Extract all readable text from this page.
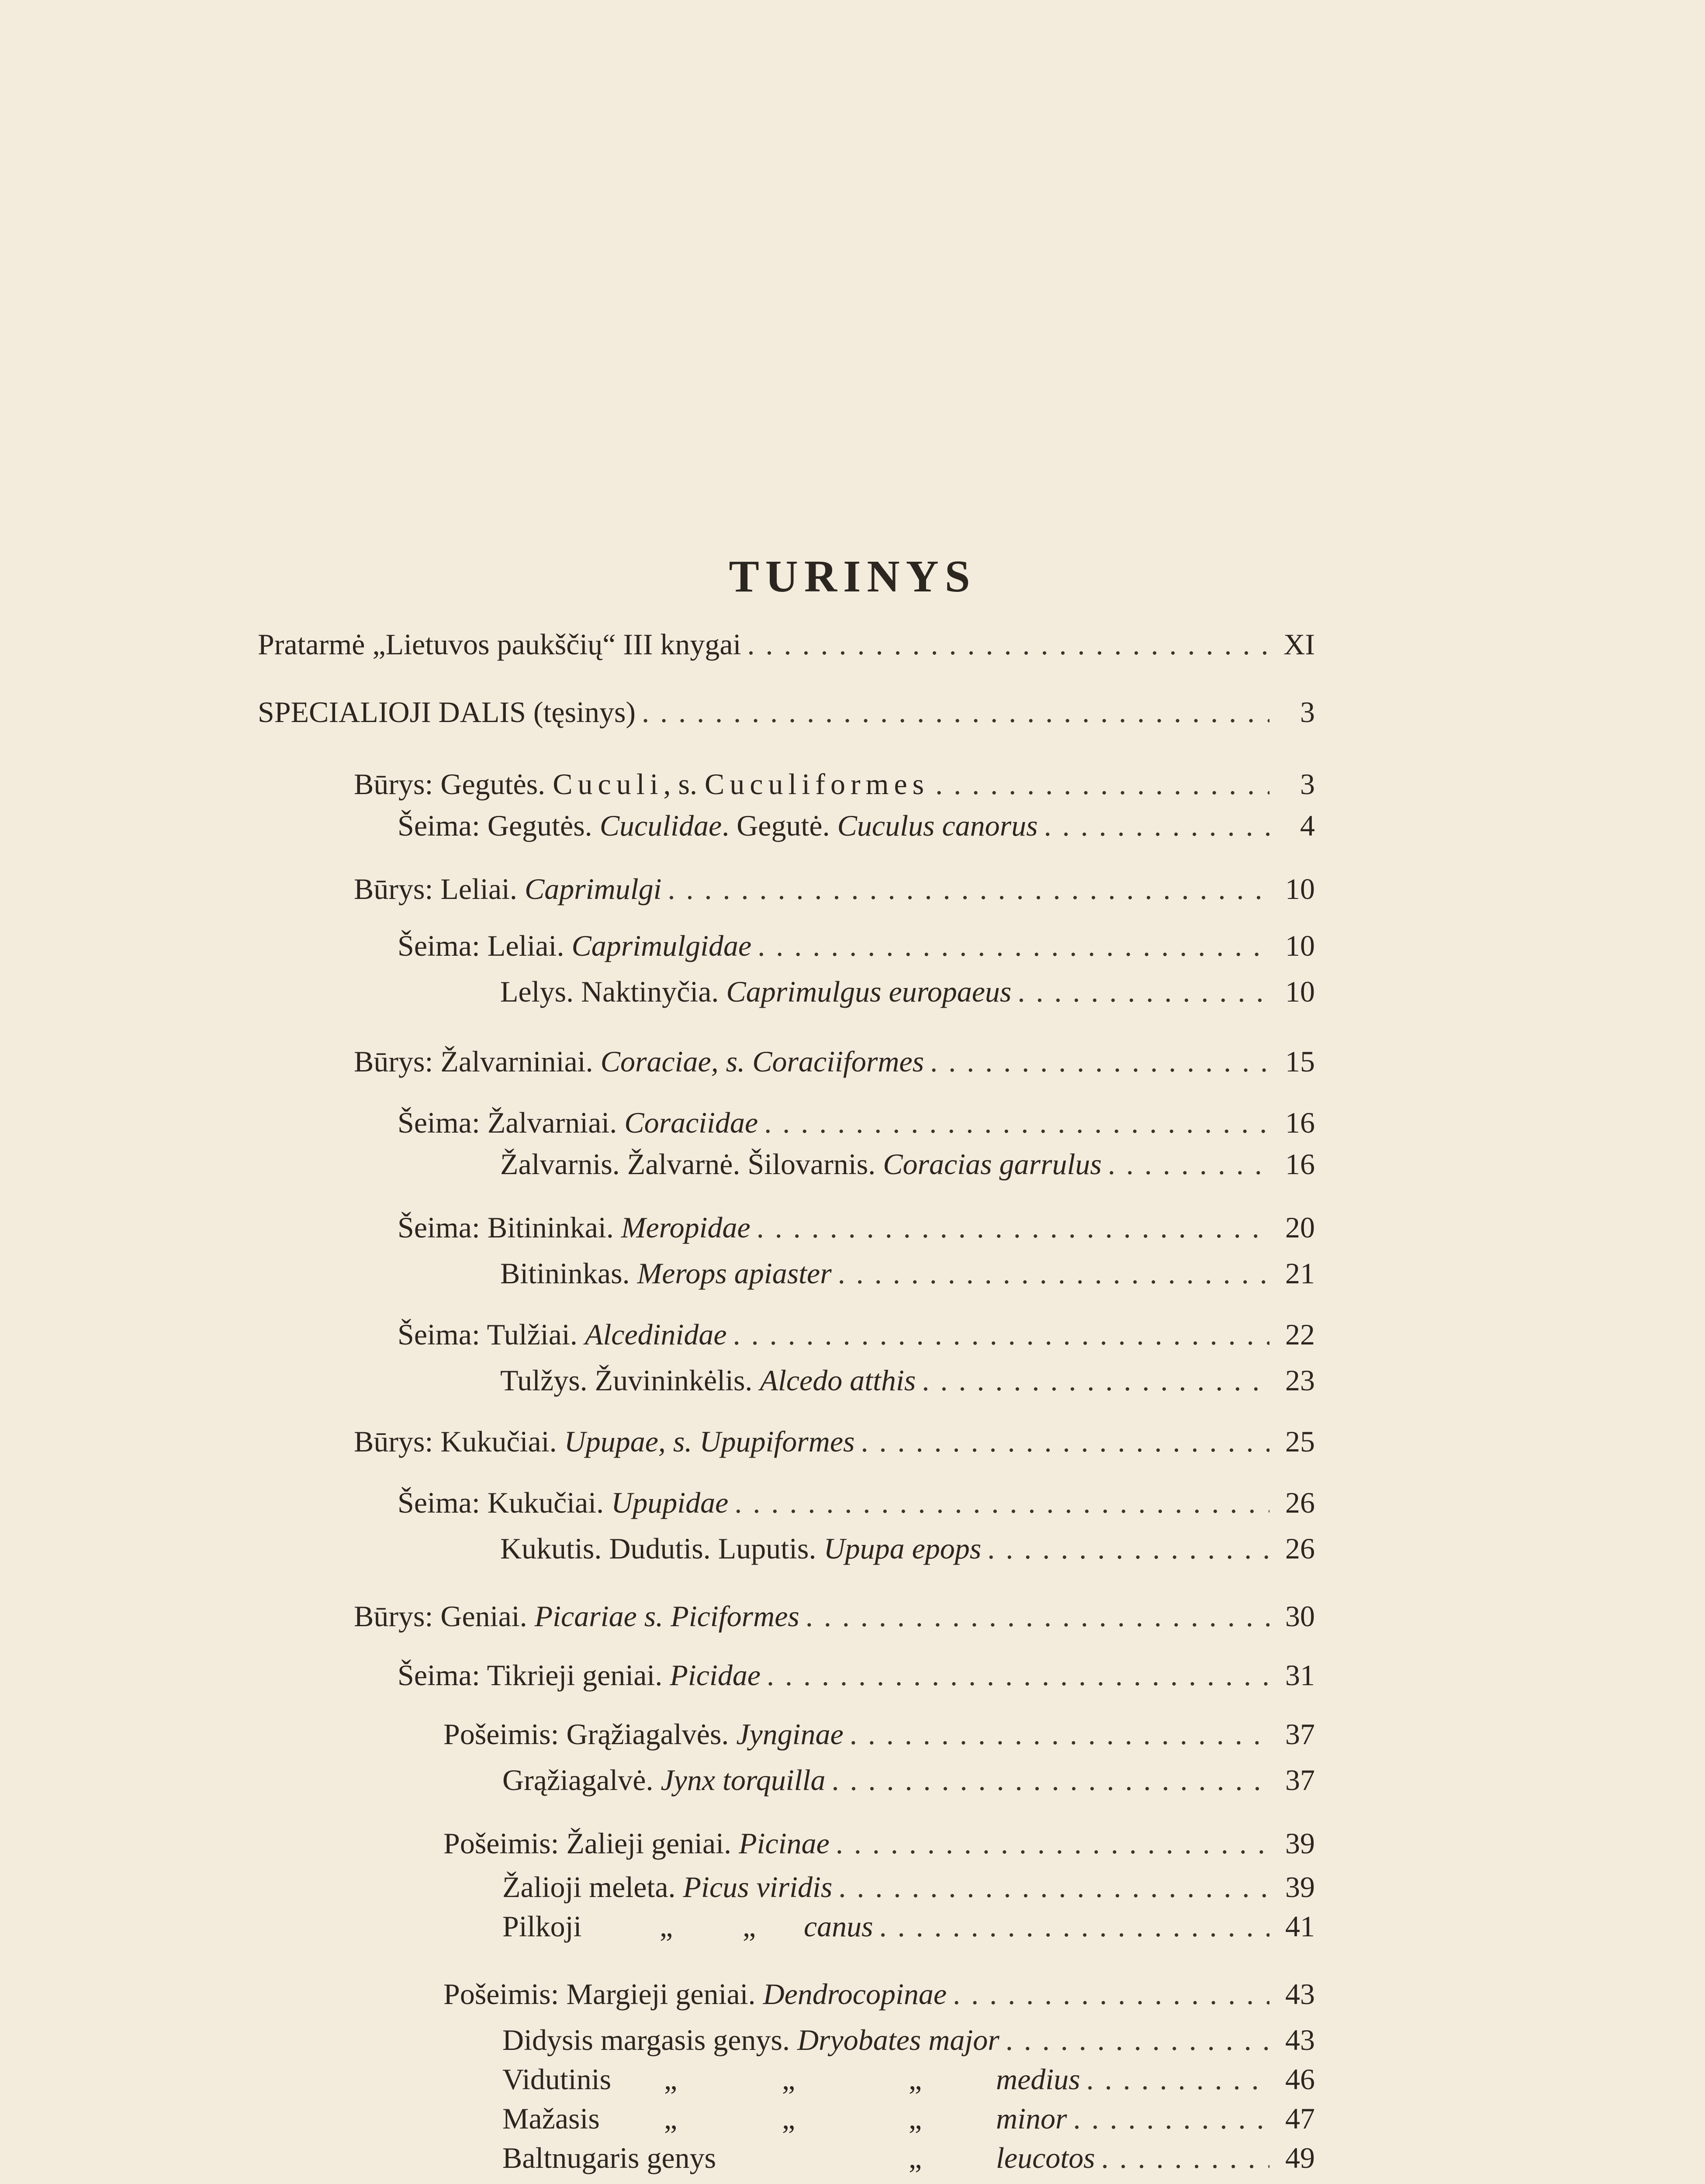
TURINYS
Pratarmė „Lietuvos paukščių“ III knygai . . .	XI
SPECIALIOJI DALIS (tęsinys) . . .	3
Būrys: Gegutės. Cuculi, s. Cuculiformes . . .	3
Šeima: Gegutės. Cuculidae. Gegutė. Cuculus canorus . . .	4
Būrys: Leliai. Caprimulgi . . .	10
Šeima: Leliai. Caprimulgidae . . .	10
Lelys. Naktinyčia. Caprimulgus europaeus . . .	10
Būrys: Žalvarniniai. Coraciae, s. Coraciiformes . . .	15
Šeima: Žalvarniai. Coraciidae . . .	16
Žalvarnis. Žalvarnė. Šilovarnis. Coracias garrulus . . .	16
Šeima: Bitininkai. Meropidae . . .	20
Bitininkas. Merops apiaster . . .	21
Šeima: Tulžiai. Alcedinidae . . .	22
Tulžys. Žuvininkėlis. Alcedo atthis . . .	23
Būrys: Kukučiai. Upupae, s. Upupiformes . . .	25
Šeima: Kukučiai. Upupidae . . .	26
Kukutis. Dudutis. Luputis. Upupa epops . . .	26
Būrys: Geniai. Picariae s. Piciformes . . .	30
Šeima: Tikrieji geniai. Picidae . . .	31
Pošeimis: Grąžiagalvės. Jynginae . . .	37
Grąžiagalvė. Jynx torquilla . . .	37
Pošeimis: Žalieji geniai. Picinae . . .	39
Žalioji meleta. Picus viridis . . .	39
Pilkoji	„ „ canus . . .	41
Pošeimis: Margieji geniai. Dendrocopinae . . .	43
Didysis margasis genys. Dryobates major . . .	43
Vidutinis „	„	„ medius . . .	46
Mažasis „	„	„ minor . . .	47
Baltnugaris genys	„ leucotos . . .	49
